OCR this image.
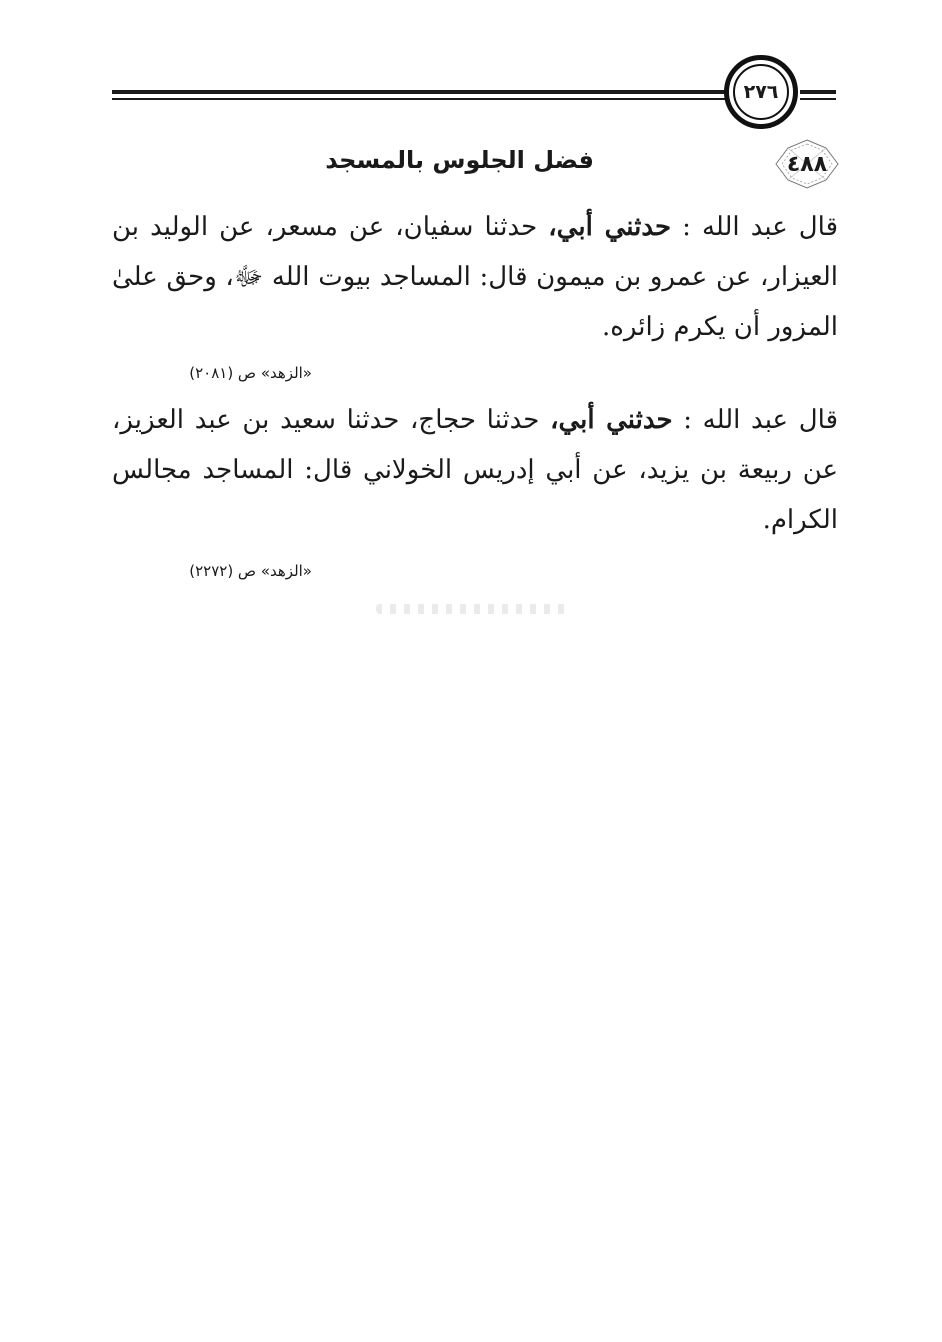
٢٧٦
٤٨٨
فضل الجلوس بالمسجد
قال عبد الله : حدثني أبي، حدثنا سفيان، عن مسعر، عن الوليد بن العيزار، عن عمرو بن ميمون قال: المساجد بيوت الله ﷻ، وحق علىٰ المزور أن يكرم زائره.
«الزهد» ص (٢٠٨١)
قال عبد الله : حدثني أبي، حدثنا حجاج، حدثنا سعيد بن عبد العزيز، عن ربيعة بن يزيد، عن أبي إدريس الخولاني قال: المساجد مجالس الكرام.
«الزهد» ص (٢٢٧٢)
